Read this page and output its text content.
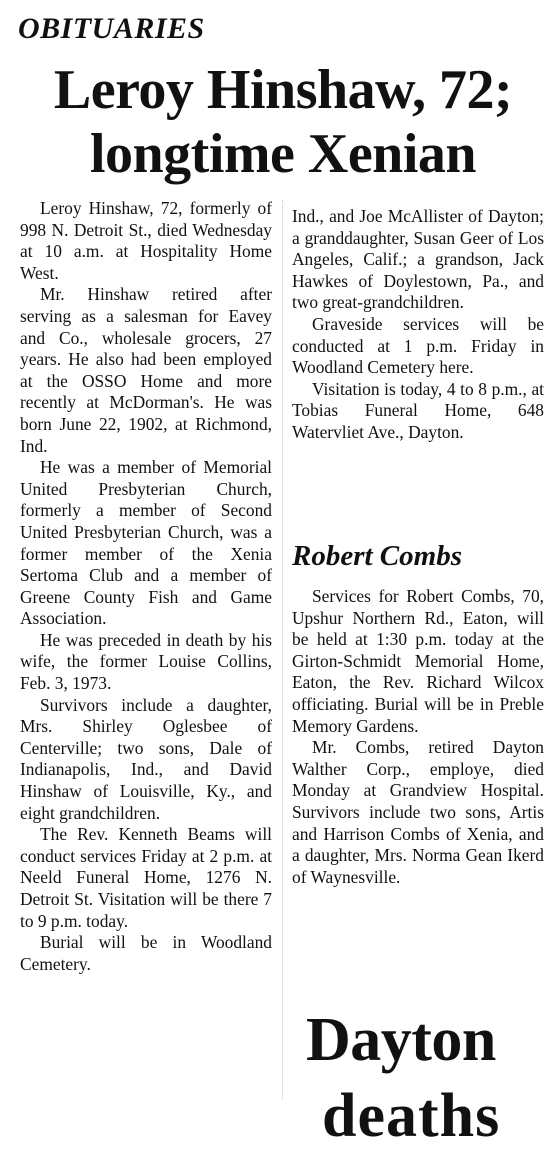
OBITUARIES
Leroy Hinshaw, 72;
longtime Xenian

Leroy Hinshaw, 72, formerly of 998 N. Detroit St., died Wednesday at 10 a.m. at Hospitality Home West.

Mr. Hinshaw retired after serving as a salesman for Eavey and Co., wholesale grocers, 27 years. He also had been employed at the OSSO Home and more recently at McDorman's. He was born June 22, 1902, at Richmond, Ind.

He was a member of Memorial United Presbyterian Church, formerly a member of Second United Presbyterian Church, was a former member of the Xenia Sertoma Club and a member of Greene County Fish and Game Association.

He was preceded in death by his wife, the former Louise Collins, Feb. 3, 1973.

Survivors include a daughter, Mrs. Shirley Oglesbee of Centerville; two sons, Dale of Indianapolis, Ind., and David Hinshaw of Louisville, Ky., and eight grandchildren.

The Rev. Kenneth Beams will conduct services Friday at 2 p.m. at Neeld Funeral Home, 1276 N. Detroit St. Visitation will be there 7 to 9 p.m. today.

Burial will be in Woodland Cemetery.

Ind., and Joe McAllister of Dayton; a granddaughter, Susan Geer of Los Angeles, Calif.; a grandson, Jack Hawkes of Doylestown, Pa., and two great-grandchildren.

Graveside services will be conducted at 1 p.m. Friday in Woodland Cemetery here.

Visitation is today, 4 to 8 p.m., at Tobias Funeral Home, 648 Watervliet Ave., Dayton.

Robert Combs

Services for Robert Combs, 70, Upshur Northern Rd., Eaton, will be held at 1:30 p.m. today at the Girton-Schmidt Memorial Home, Eaton, the Rev. Richard Wilcox officiating. Burial will be in Preble Memory Gardens.

Mr. Combs, retired Dayton Walther Corp., employe, died Monday at Grandview Hospital. Survivors include two sons, Artis and Harrison Combs of Xenia, and a daughter, Mrs. Norma Gean Ikerd of Waynesville.

Dayton
deaths
